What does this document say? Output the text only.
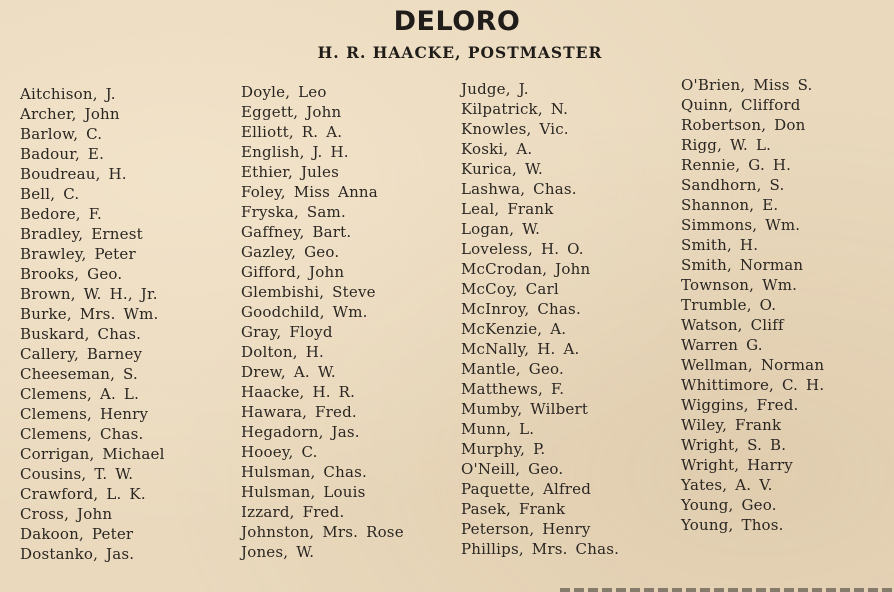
DELORO
H. R. HAACKE, POSTMASTER
Aitchison, J.
Archer, John
Barlow, C.
Badour, E.
Boudreau, H.
Bell, C.
Bedore, F.
Bradley, Ernest
Brawley, Peter
Brooks, Geo.
Brown, W. H., Jr.
Burke, Mrs. Wm.
Buskard, Chas.
Callery, Barney
Cheeseman, S.
Clemens, A. L.
Clemens, Henry
Clemens, Chas.
Corrigan, Michael
Cousins, T. W.
Crawford, L. K.
Cross, John
Dakoon, Peter
Dostanko, Jas.
Doyle, Leo
Eggett, John
Elliott, R. A.
English, J. H.
Ethier, Jules
Foley, Miss Anna
Fryska, Sam.
Gaffney, Bart.
Gazley, Geo.
Gifford, John
Glembishi, Steve
Goodchild, Wm.
Gray, Floyd
Dolton, H.
Drew, A. W.
Haacke, H. R.
Hawara, Fred.
Hegadorn, Jas.
Hooey, C.
Hulsman, Chas.
Hulsman, Louis
Izzard, Fred.
Johnston, Mrs. Rose
Jones, W.
Judge, J.
Kilpatrick, N.
Knowles, Vic.
Koski, A.
Kurica, W.
Lashwa, Chas.
Leal, Frank
Logan, W.
Loveless, H. O.
McCrodan, John
McCoy, Carl
McInroy, Chas.
McKenzie, A.
McNally, H. A.
Mantle, Geo.
Matthews, F.
Mumby, Wilbert
Munn, L.
Murphy, P.
O'Neill, Geo.
Paquette, Alfred
Pasek, Frank
Peterson, Henry
Phillips, Mrs. Chas.
O'Brien, Miss S.
Quinn, Clifford
Robertson, Don
Rigg, W. L.
Rennie, G. H.
Sandhorn, S.
Shannon, E.
Simmons, Wm.
Smith, H.
Smith, Norman
Townson, Wm.
Trumble, O.
Watson, Cliff
Warren G.
Wellman, Norman
Whittimore, C. H.
Wiggins, Fred.
Wiley, Frank
Wright, S. B.
Wright, Harry
Yates, A. V.
Young, Geo.
Young, Thos.
